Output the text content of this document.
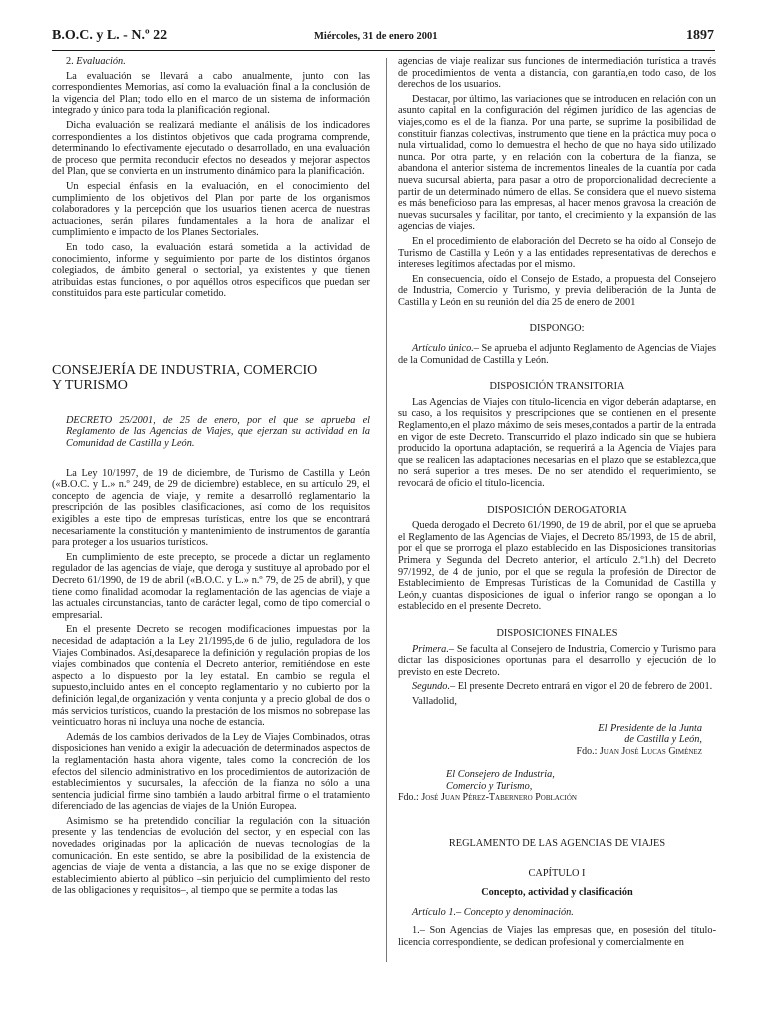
B.O.C. y L. - N.º 22	Miércoles, 31 de enero 2001	1897

2. Evaluación.

La evaluación se llevará a cabo anualmente, junto con las correspondientes Memorias, así como la evaluación final a la conclusión de la vigencia del Plan; todo ello en el marco de un sistema de información integrado y único para toda la planificación regional.

Dicha evaluación se realizará mediante el análisis de los indicadores correspondientes a los distintos objetivos que cada programa comprende, determinando lo efectivamente ejecutado o desarrollado, en una evaluación de proceso que permita reconducir efectos no deseados y mejorar aspectos del Plan, que se convierta en un instrumento dinámico para la planificación.

Un especial énfasis en la evaluación, en el conocimiento del cumplimiento de los objetivos del Plan por parte de los organismos colaboradores y la percepción que los usuarios tienen acerca de nuestras actuaciones, serán pilares fundamentales a la hora de analizar el cumplimiento e impacto de los Planes Sectoriales.

En todo caso, la evaluación estará sometida a la actividad de conocimiento, informe y seguimiento por parte de los distintos órganos colegiados, de ámbito general o sectorial, ya existentes y que tienen atribuidas estas funciones, o por aquéllos otros específicos que puedan ser constituidos para este particular cometido.

CONSEJERÍA DE INDUSTRIA, COMERCIO
Y TURISMO

DECRETO 25/2001, de 25 de enero, por el que se aprueba el Reglamento de las Agencias de Viajes, que ejerzan su actividad en la Comunidad de Castilla y León.

La Ley 10/1997, de 19 de diciembre, de Turismo de Castilla y León («B.O.C. y L.» n.º 249, de 29 de diciembre) establece, en su artículo 29, el concepto de agencia de viaje, y remite a desarrolló reglamentario la prescripción de las posibles clasificaciones, así como de los requisitos exigibles a este tipo de empresas turísticas, entre los que se encontrará necesariamente la constitución y mantenimiento de instrumentos de garantía para proteger a los usuarios turísticos.

En cumplimiento de este precepto, se procede a dictar un reglamento regulador de las agencias de viaje, que deroga y sustituye al aprobado por el Decreto 61/1990, de 19 de abril («B.O.C. y L.» n.º 79, de 25 de abril), y que tiene como finalidad acomodar la reglamentación de las agencias de viaje a las actuales circunstancias, tanto de carácter legal, como de tipo comercial o empresarial.

En el presente Decreto se recogen modificaciones impuestas por la necesidad de adaptación a la Ley 21/1995,de 6 de julio, reguladora de los Viajes Combinados. Así,desaparece la definición y regulación propias de los viajes combinados que contenía el Decreto anterior, remitiéndose en este aspecto a lo dispuesto por la ley estatal. En cambio se regula el supuesto,incluido antes en el concepto reglamentario y no cubierto por la definición legal,de organización y venta conjunta y a precio global de dos o más servicios turísticos, cuando la prestación de los mismos no sobrepase las veinticuatro horas ni incluya una noche de estancia.

Además de los cambios derivados de la Ley de Viajes Combinados, otras disposiciones han venido a exigir la adecuación de determinados aspectos de la reglamentación hasta ahora vigente, tales como la concreción de los efectos del silencio administrativo en los procedimientos de autorización de establecimientos y sucursales, la afección de la fianza no sólo a una sentencia judicial firme sino también a laudo arbitral firme o el tratamiento diferenciado de las agencias de viajes de la Unión Europea.

Asimismo se ha pretendido conciliar la regulación con la situación presente y las tendencias de evolución del sector, y en especial con las novedades originadas por la aplicación de nuevas tecnologías de la comunicación. En este sentido, se abre la posibilidad de la existencia de agencias de viaje de venta a distancia, a las que no se exige disponer de establecimiento abierto al público –sin perjuicio del cumplimiento del resto de las obligaciones y requisitos–, al tiempo que se permite a todas las

agencias de viaje realizar sus funciones de intermediación turística a través de procedimientos de venta a distancia, con garantía,en todo caso, de los derechos de los usuarios.

Destacar, por último, las variaciones que se introducen en relación con un asunto capital en la configuración del régimen jurídico de las agencias de viajes,como es el de la fianza. Por una parte, se suprime la posibilidad de constituir fianzas colectivas, instrumento que tiene en la práctica muy poca o nula virtualidad, como lo demuestra el hecho de que no haya sido utilizado nunca. Por otra parte, y en relación con la cobertura de la fianza, se abandona el anterior sistema de incrementos lineales de la cuantía por cada nueva sucursal abierta, para pasar a otro de proporcionalidad decreciente a partir de un determinado número de ellas. Se considera que el nuevo sistema es más beneficioso para las empresas, al hacer menos gravosa la creación de nuevas sucursales y facilitar, por tanto, el crecimiento y la expansión de las agencias de viajes.

En el procedimiento de elaboración del Decreto se ha oído al Consejo de Turismo de Castilla y León y a las entidades representativas de derechos e intereses legítimos afectadas por el mismo.

En consecuencia, oído el Consejo de Estado, a propuesta del Consejero de Industria, Comercio y Turismo, y previa deliberación de la Junta de Castilla y León en su reunión del día 25 de enero de 2001

DISPONGO:

Artículo único.– Se aprueba el adjunto Reglamento de Agencias de Viajes de la Comunidad de Castilla y León.

DISPOSICIÓN TRANSITORIA

Las Agencias de Viajes con título-licencia en vigor deberán adaptarse, en su caso, a los requisitos y prescripciones que se contienen en el presente Reglamento,en el plazo máximo de seis meses,contados a partir de la entrada en vigor de este Decreto. Transcurrido el plazo indicado sin que se hubiera producido la oportuna adaptación, se requerirá a la Agencia de Viajes para que se realicen las adaptaciones necesarias en el plazo que se establezca,que no será superior a tres meses. De no ser atendido el requerimiento, se revocará de oficio el título-licencia.

DISPOSICIÓN DEROGATORIA

Queda derogado el Decreto 61/1990, de 19 de abril, por el que se aprueba el Reglamento de las Agencias de Viajes, el Decreto 85/1993, de 15 de abril, por el que se prorroga el plazo establecido en las Disposiciones transitorias Primera y Segunda del Decreto anterior, el artículo 2.º1.h) del Decreto 97/1992, de 4 de junio, por el que se regula la profesión de Director de Establecimiento de Empresas Turísticas de la Comunidad de Castilla y León,y cuantas disposiciones de igual o inferior rango se opongan a lo establecido en el presente Decreto.

DISPOSICIONES FINALES

Primera.– Se faculta al Consejero de Industria, Comercio y Turismo para dictar las disposiciones oportunas para el desarrollo y ejecución de lo previsto en este Decreto.

Segundo.– El presente Decreto entrará en vigor el 20 de febrero de 2001.

Valladolid,

El Presidente de la Junta

de Castilla y León,

Fdo.: Juan José Lucas Giménez

El Consejero de Industria,

Comercio y Turismo,

Fdo.: José Juan Pérez-Tabernero Población

REGLAMENTO DE LAS AGENCIAS DE VIAJES

CAPÍTULO I

Concepto, actividad y clasificación

Artículo 1.– Concepto y denominación.

1.– Son Agencias de Viajes las empresas que, en posesión del título-licencia correspondiente, se dedican profesional y comercialmente en
